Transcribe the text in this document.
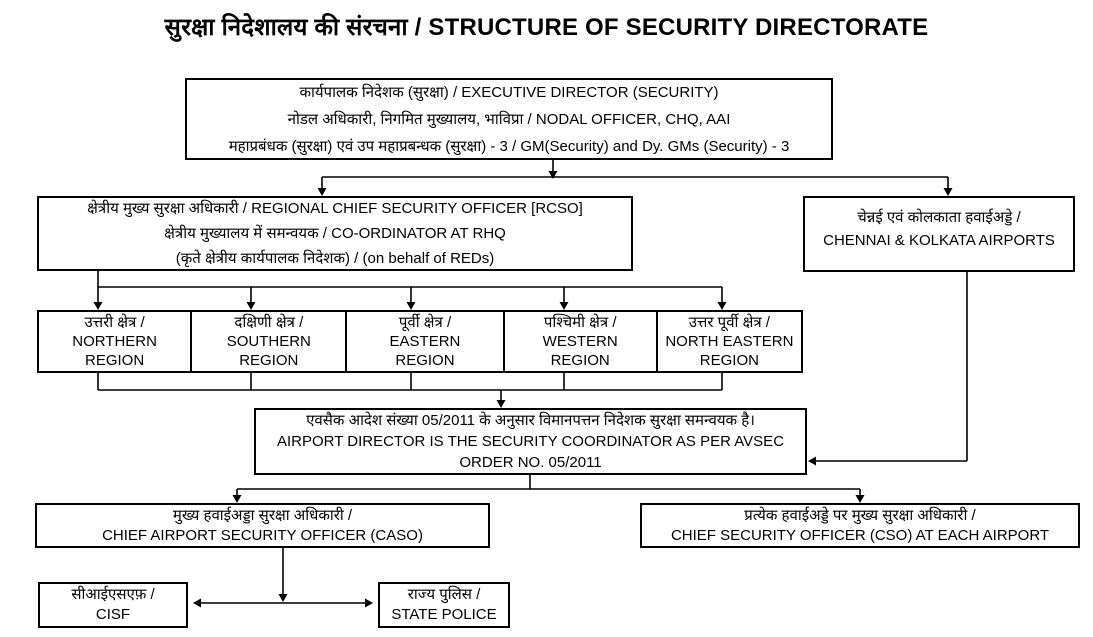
सुरक्षा निदेशालय की संरचना / STRUCTURE OF SECURITY DIRECTORATE
कार्यपालक निदेशक (सुरक्षा) / EXECUTIVE DIRECTOR (SECURITY)
नोडल अधिकारी, निगमित मुख्यालय, भाविप्रा / NODAL OFFICER, CHQ, AAI
महाप्रबंधक (सुरक्षा) एवं उप महाप्रबन्धक (सुरक्षा) - 3 / GM(Security) and Dy. GMs (Security) - 3
क्षेत्रीय मुख्य सुरक्षा अधिकारी / REGIONAL CHIEF SECURITY OFFICER [RCSO]
क्षेत्रीय मुख्यालय में समन्वयक / CO-ORDINATOR AT RHQ
(कृते क्षेत्रीय कार्यपालक निदेशक) / (on behalf of REDs)
चेन्नई एवं कोलकाता हवाईअड्डे /
CHENNAI & KOLKATA AIRPORTS
उत्तरी क्षेत्र /
NORTHERN
REGION
दक्षिणी क्षेत्र /
SOUTHERN
REGION
पूर्वी क्षेत्र /
EASTERN
REGION
पश्चिमी क्षेत्र /
WESTERN
REGION
उत्तर पूर्वी क्षेत्र /
NORTH EASTERN
REGION
एवसैक आदेश संख्या 05/2011 के अनुसार विमानपत्तन निदेशक सुरक्षा समन्वयक है।
AIRPORT DIRECTOR IS THE SECURITY COORDINATOR AS PER AVSEC
ORDER NO. 05/2011
मुख्य हवाईअड्डा सुरक्षा अधिकारी /
CHIEF AIRPORT SECURITY OFFICER (CASO)
प्रत्येक हवाईअड्डे पर मुख्य सुरक्षा अधिकारी /
CHIEF SECURITY OFFICER (CSO) AT EACH AIRPORT
सीआईएसएफ़ /
CISF
राज्य पुलिस /
STATE POLICE
